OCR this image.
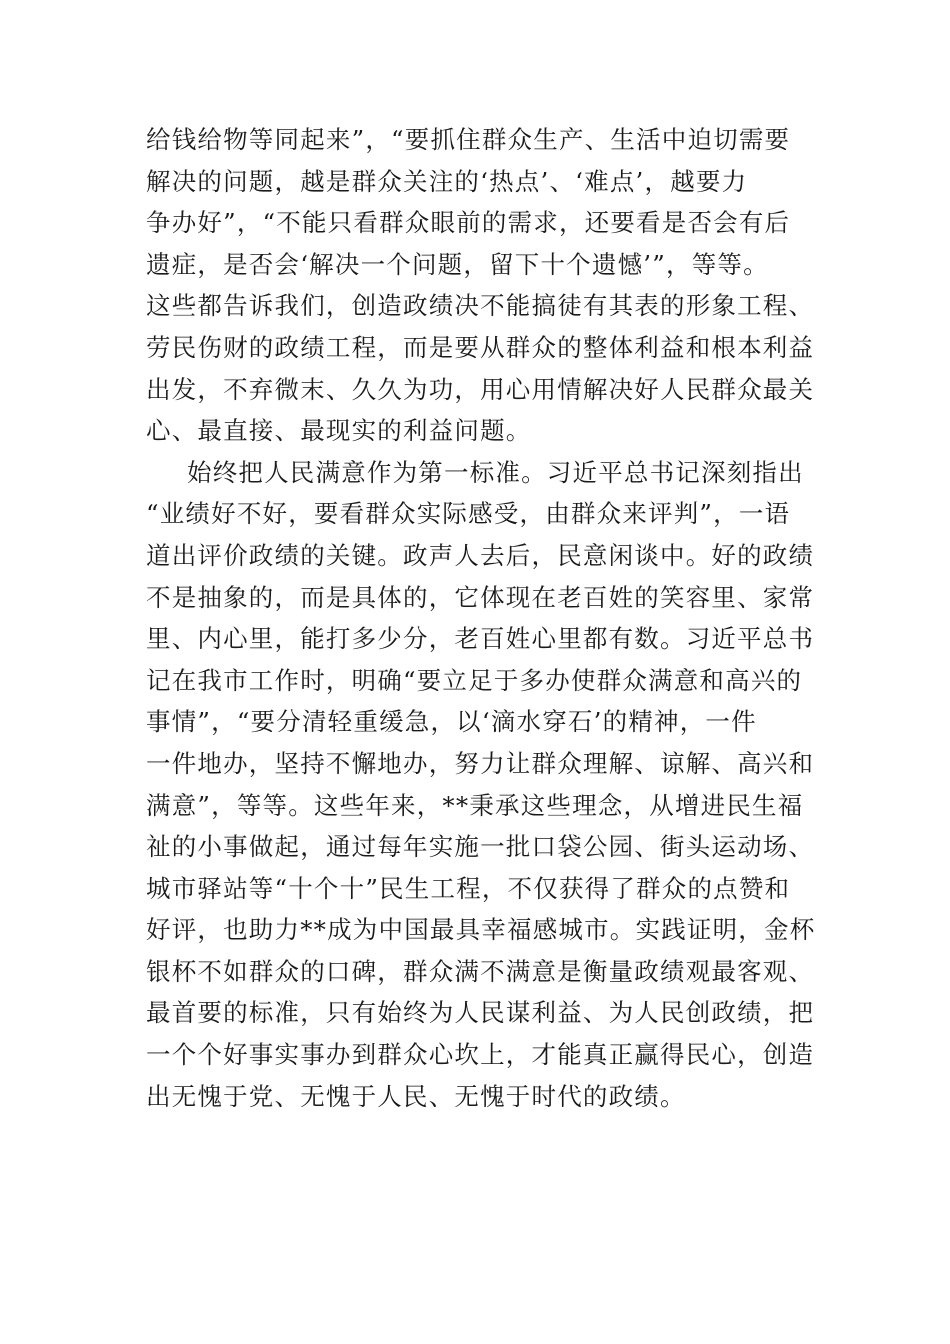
给钱给物等同起来”，“要抓住群众生产、生活中迫切需要
解决的问题，越是群众关注的‘热点’、‘难点’，越要力
争办好”，“不能只看群众眼前的需求，还要看是否会有后
遗症，是否会‘解决一个问题，留下十个遗憾’”，等等。
这些都告诉我们，创造政绩决不能搞徒有其表的形象工程、
劳民伤财的政绩工程，而是要从群众的整体利益和根本利益
出发，不弃微末、久久为功，用心用情解决好人民群众最关
心、最直接、最现实的利益问题。
始终把人民满意作为第一标准。习近平总书记深刻指出
“业绩好不好，要看群众实际感受，由群众来评判”，一语
道出评价政绩的关键。政声人去后，民意闲谈中。好的政绩
不是抽象的，而是具体的，它体现在老百姓的笑容里、家常
里、内心里，能打多少分，老百姓心里都有数。习近平总书
记在我市工作时，明确“要立足于多办使群众满意和高兴的
事情”，“要分清轻重缓急，以‘滴水穿石’的精神，一件
一件地办，坚持不懈地办，努力让群众理解、谅解、高兴和
满意”，等等。这些年来，**秉承这些理念，从增进民生福
祉的小事做起，通过每年实施一批口袋公园、街头运动场、
城市驿站等“十个十”民生工程，不仅获得了群众的点赞和
好评，也助力**成为中国最具幸福感城市。实践证明，金杯
银杯不如群众的口碑，群众满不满意是衡量政绩观最客观、
最首要的标准，只有始终为人民谋利益、为人民创政绩，把
一个个好事实事办到群众心坎上，才能真正赢得民心，创造
出无愧于党、无愧于人民、无愧于时代的政绩。
